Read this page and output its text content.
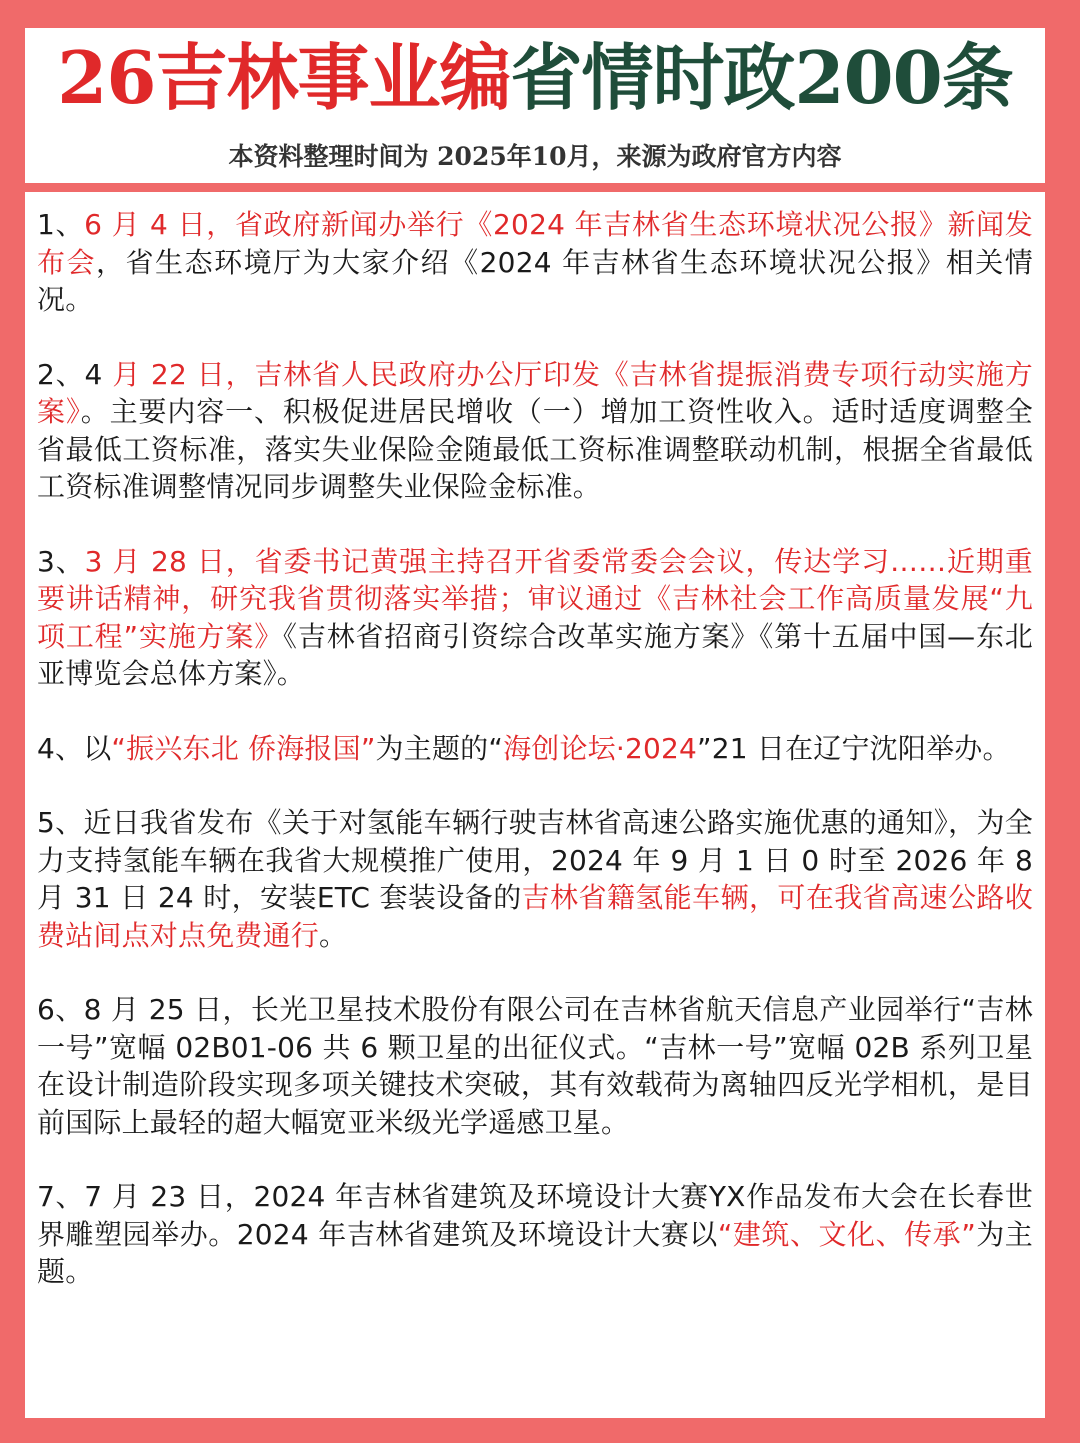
26吉林事业编省情时政200条
本资料整理时间为 2025年10月，来源为政府官方内容

1、6 月 4 日，省政府新闻办举行《2024 年吉林省生态环境状况公报》新闻发布会，省生态环境厅为大家介绍《2024 年吉林省生态环境状况公报》相关情况。

2、4 月 22 日，吉林省人民政府办公厅印发《吉林省提振消费专项行动实施方案》。主要内容一、积极促进居民增收（一）增加工资性收入。适时适度调整全省最低工资标准，落实失业保险金随最低工资标准调整联动机制，根据全省最低工资标准调整情况同步调整失业保险金标准。

3、3 月 28 日，省委书记黄强主持召开省委常委会会议，传达学习……近期重要讲话精神，研究我省贯彻落实举措；审议通过《吉林社会工作高质量发展“九项工程”实施方案》《吉林省招商引资综合改革实施方案》《第十五届中国—东北亚博览会总体方案》。

4、以“振兴东北 侨海报国”为主题的“海创论坛·2024”21 日在辽宁沈阳举办。

5、近日我省发布《关于对氢能车辆行驶吉林省高速公路实施优惠的通知》，为全力支持氢能车辆在我省大规模推广使用，2024 年 9 月 1 日 0 时至 2026 年 8 月 31 日 24 时，安装ETC 套装设备的吉林省籍氢能车辆，可在我省高速公路收费站间点对点免费通行。

6、8 月 25 日，长光卫星技术股份有限公司在吉林省航天信息产业园举行“吉林一号”宽幅 02B01-06 共 6 颗卫星的出征仪式。“吉林一号”宽幅 02B 系列卫星在设计制造阶段实现多项关键技术突破，其有效载荷为离轴四反光学相机，是目前国际上最轻的超大幅宽亚米级光学遥感卫星。

7、7 月 23 日，2024 年吉林省建筑及环境设计大赛YX作品发布大会在长春世界雕塑园举办。2024 年吉林省建筑及环境设计大赛以“建筑、文化、传承”为主题。
